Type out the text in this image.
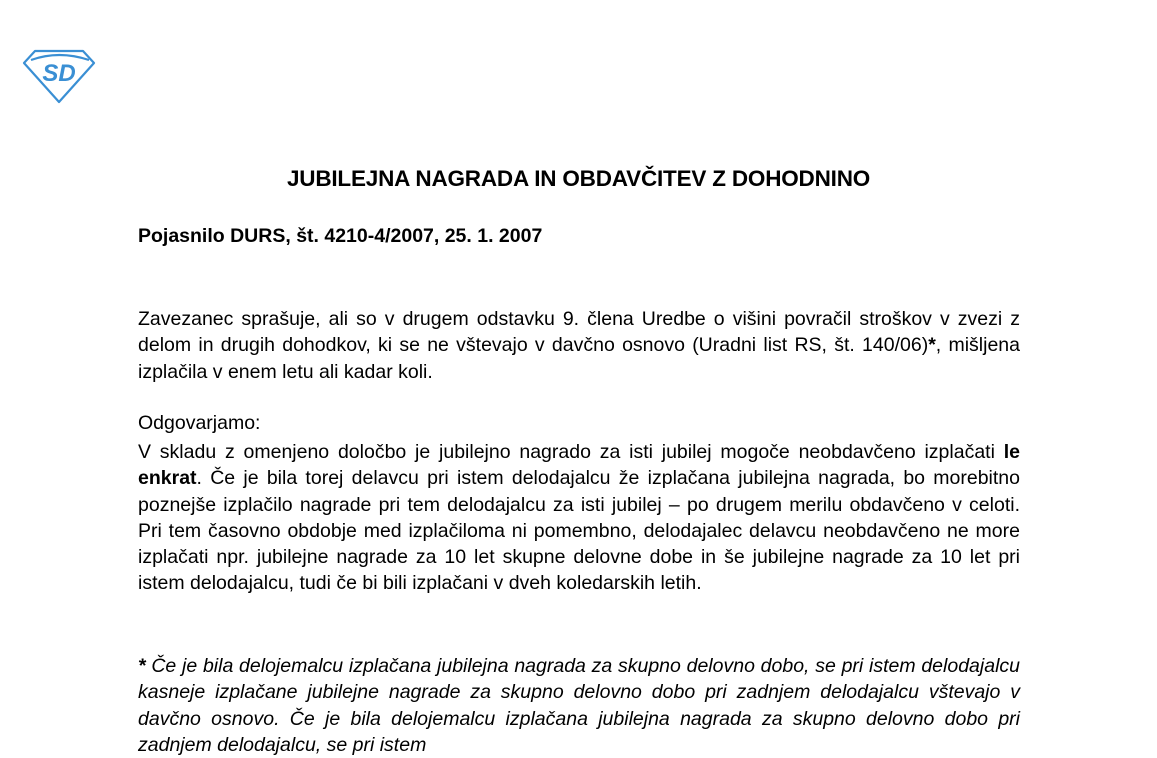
SD
JUBILEJNA NAGRADA IN OBDAVČITEV Z DOHODNINO
Pojasnilo DURS, št. 4210-4/2007, 25. 1. 2007
Zavezanec sprašuje, ali so v drugem odstavku 9. člena Uredbe o višini povračil stroškov v zvezi z delom in drugih dohodkov, ki se ne vštevajo v davčno osnovo (Uradni list RS, št. 140/06)*, mišljena izplačila v enem letu ali kadar koli.
Odgovarjamo:
V skladu z omenjeno določbo je jubilejno nagrado za isti jubilej mogoče neobdavčeno izplačati le enkrat. Če je bila torej delavcu pri istem delodajalcu že izplačana jubilejna nagrada, bo morebitno poznejše izplačilo nagrade pri tem delodajalcu za isti jubilej – po drugem merilu obdavčeno v celoti. Pri tem časovno obdobje med izplačiloma ni pomembno, delodajalec delavcu neobdavčeno ne more izplačati npr. jubilejne nagrade za 10 let skupne delovne dobe in še jubilejne nagrade za 10 let pri istem delodajalcu, tudi če bi bili izplačani v dveh koledarskih letih.
* Če je bila delojemalcu izplačana jubilejna nagrada za skupno delovno dobo, se pri istem delodajalcu kasneje izplačane jubilejne nagrade za skupno delovno dobo pri zadnjem delodajalcu vštevajo v davčno osnovo. Če je bila delojemalcu izplačana jubilejna nagrada za skupno delovno dobo pri zadnjem delodajalcu, se pri istem
